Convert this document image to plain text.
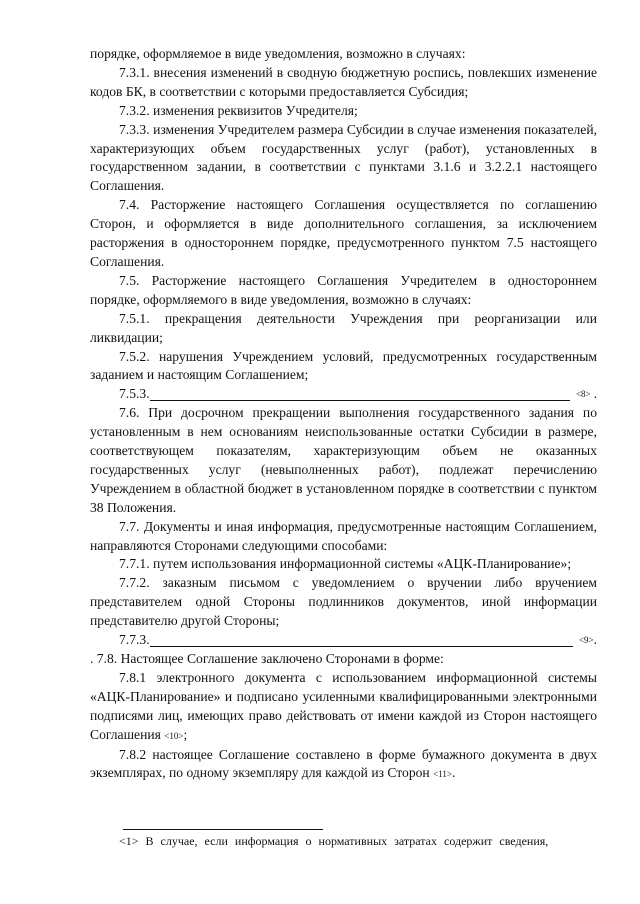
порядке, оформляемое в виде уведомления, возможно в случаях:

7.3.1. внесения изменений в сводную бюджетную роспись, повлекших изменение кодов БК, в соответствии с которыми предоставляется Субсидия;

7.3.2. изменения реквизитов Учредителя;

7.3.3. изменения Учредителем размера Субсидии в случае изменения показателей, характеризующих объем государственных услуг (работ), установленных в государственном задании, в соответствии с пунктами 3.1.6 и 3.2.2.1 настоящего Соглашения.

7.4. Расторжение настоящего Соглашения осуществляется по соглашению Сторон, и оформляется в виде дополнительного соглашения, за исключением расторжения в одностороннем порядке, предусмотренного пунктом 7.5 настоящего Соглашения.

7.5. Расторжение настоящего Соглашения Учредителем в одностороннем порядке, оформляемого в виде уведомления, возможно в случаях:

7.5.1. прекращения деятельности Учреждения при реорганизации или ликвидации;

7.5.2. нарушения Учреждением условий, предусмотренных государственным заданием и настоящим Соглашением;

7.5.3.	<8> .

7.6. При досрочном прекращении выполнения государственного задания по установленным в нем основаниям неиспользованные остатки Субсидии в размере, соответствующем показателям, характеризующим объем не оказанных государственных услуг (невыполненных работ), подлежат перечислению Учреждением в областной бюджет в установленном порядке в соответствии с пунктом 38 Положения.

7.7. Документы и иная информация, предусмотренные настоящим Соглашением, направляются Сторонами следующими способами:

7.7.1. путем использования информационной системы «АЦК-Планирование»;

7.7.2. заказным письмом с уведомлением о вручении либо вручением представителем одной Стороны подлинников документов, иной информации представителю другой Стороны;

7.7.3.	<9> .

. 7.8. Настоящее Соглашение заключено Сторонами в форме:

7.8.1 электронного документа с использованием информационной системы «АЦК-Планирование» и подписано усиленными квалифицированными электронными подписями лиц, имеющих право действовать от имени каждой из Сторон настоящего Соглашения <10>;

7.8.2 настоящее Соглашение составлено в форме бумажного документа в двух экземплярах, по одному экземпляру для каждой из Сторон <11>.

<1> В случае, если информация о нормативных затратах содержит сведения,
